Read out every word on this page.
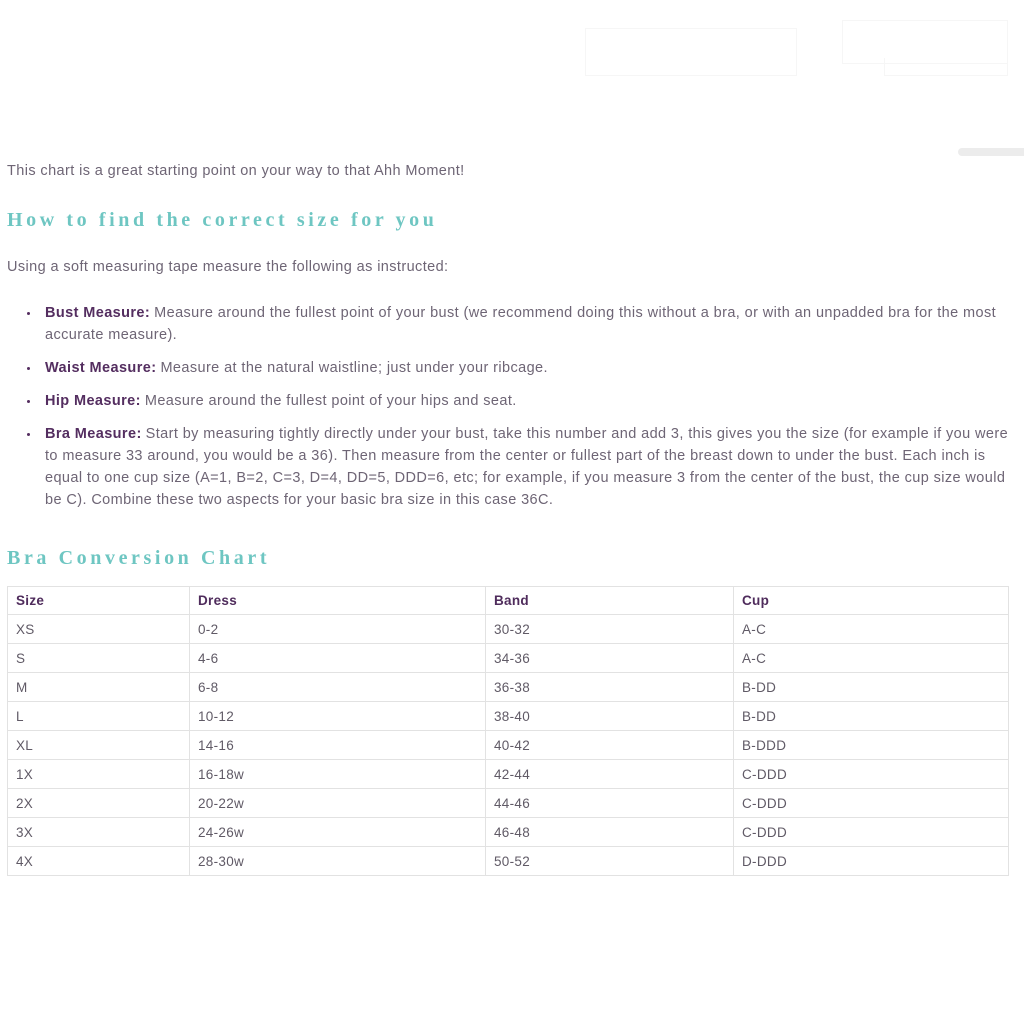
This chart is a great starting point on your way to that Ahh Moment!

How to find the correct size for you

Using a soft measuring tape measure the following as instructed:

• Bust Measure: Measure around the fullest point of your bust (we recommend doing this without a bra, or with an unpadded bra for the most accurate measure).
• Waist Measure: Measure at the natural waistline; just under your ribcage.
• Hip Measure: Measure around the fullest point of your hips and seat.
• Bra Measure: Start by measuring tightly directly under your bust, take this number and add 3, this gives you the size (for example if you were to measure 33 around, you would be a 36). Then measure from the center or fullest part of the breast down to under the bust. Each inch is equal to one cup size (A=1, B=2, C=3, D=4, DD=5, DDD=6, etc; for example, if you measure 3 from the center of the bust, the cup size would be C). Combine these two aspects for your basic bra size in this case 36C.
Bra Conversion Chart
Size	Dress	Band	Cup
XS	0-2	30-32	A-C
S	4-6	34-36	A-C
M	6-8	36-38	B-DD
L	10-12	38-40	B-DD
XL	14-16	40-42	B-DDD
1X	16-18w	42-44	C-DDD
2X	20-22w	44-46	C-DDD
3X	24-26w	46-48	C-DDD
4X	28-30w	50-52	D-DDD
